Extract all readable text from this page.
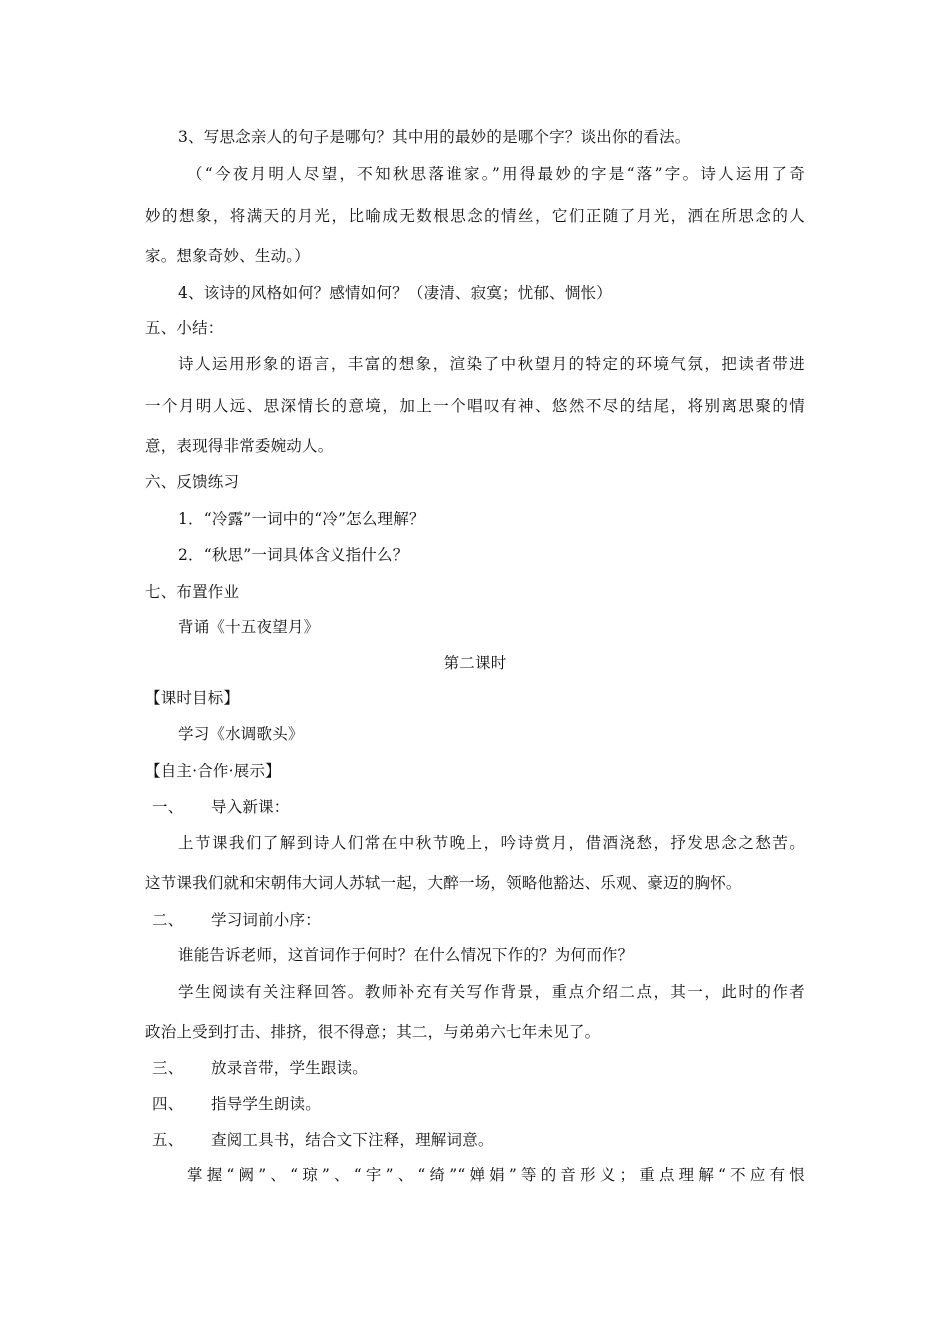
3、写思念亲人的句子是哪句？其中用的最妙的是哪个字？谈出你的看法。
（“今夜月明人尽望，不知秋思落谁家。”用得最妙的字是“落”字。诗人运用了奇
妙的想象，将满天的月光，比喻成无数根思念的情丝，它们正随了月光，洒在所思念的人
家。想象奇妙、生动。）
4、该诗的风格如何？感情如何？（凄清、寂寞；忧郁、惆怅）
五、小结：
诗人运用形象的语言，丰富的想象，渲染了中秋望月的特定的环境气氛，把读者带进
一个月明人远、思深情长的意境，加上一个唱叹有神、悠然不尽的结尾，将别离思聚的情
意，表现得非常委婉动人。
六、反馈练习
1．“冷露”一词中的“冷”怎么理解？
2．“秋思”一词具体含义指什么？
七、布置作业
背诵《十五夜望月》
第二课时
【课时目标】
学习《水调歌头》
【自主·合作·展示】
一、 导入新课：
上节课我们了解到诗人们常在中秋节晚上，吟诗赏月，借酒浇愁，抒发思念之愁苦。
这节课我们就和宋朝伟大词人苏轼一起，大醉一场，领略他豁达、乐观、豪迈的胸怀。
二、 学习词前小序：
谁能告诉老师，这首词作于何时？在什么情况下作的？为何而作？
学生阅读有关注释回答。教师补充有关写作背景，重点介绍二点，其一，此时的作者
政治上受到打击、排挤，很不得意；其二，与弟弟六七年未见了。
三、 放录音带，学生跟读。
四、 指导学生朗读。
五、 查阅工具书，结合文下注释，理解词意。
掌握“阙”、“琼”、“宇”、“绮”“婵娟”等的音形义；重点理解“不应有恨
